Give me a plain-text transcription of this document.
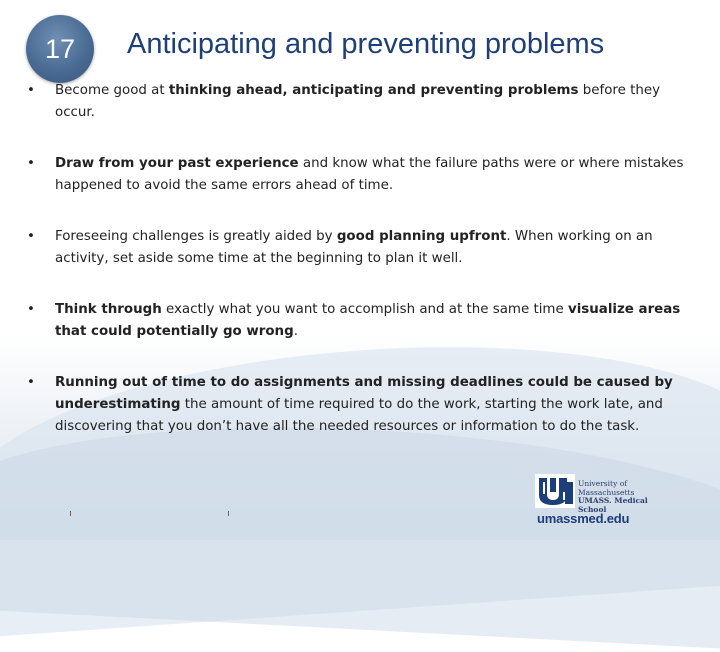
17	Anticipating and preventing problems
• Become good at thinking ahead, anticipating and preventing problems before they occur.
• Draw from your past experience and know what the failure paths were or where mistakes happened to avoid the same errors ahead of time.
• Foreseeing challenges is greatly aided by good planning upfront. When working on an activity, set aside some time at the beginning to plan it well.
• Think through exactly what you want to accomplish and at the same time visualize areas that could potentially go wrong.
• Running out of time to do assignments and missing deadlines could be caused by underestimating the amount of time required to do the work, starting the work late, and discovering that you don’t have all the needed resources or information to do the task.
University of
Massachusetts
UMASS. Medical School
umassmed.edu
